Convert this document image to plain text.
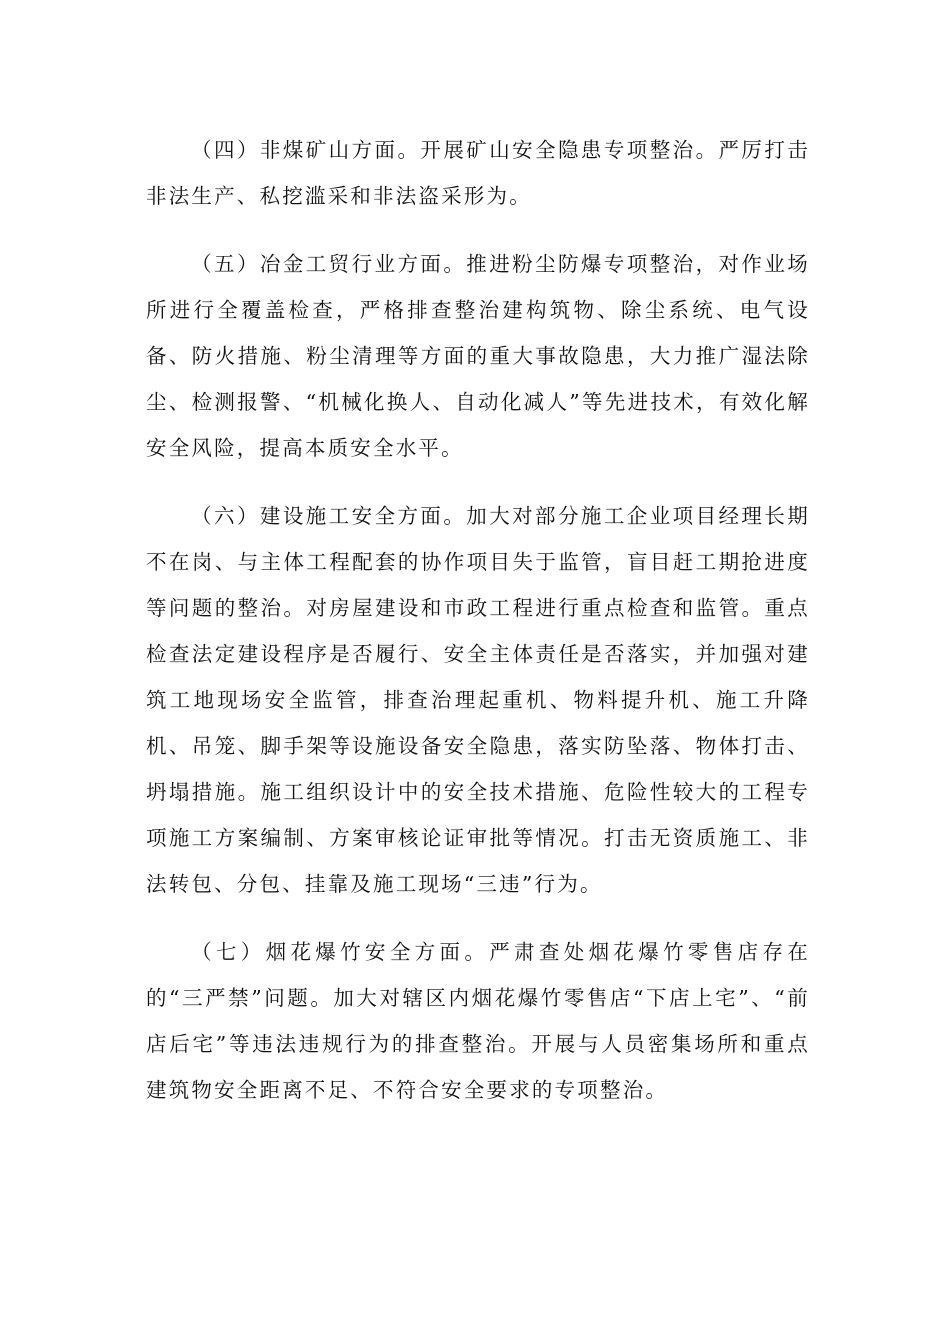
（四）非煤矿山方面。开展矿山安全隐患专项整治。严厉打击非法生产、私挖滥采和非法盗采形为。

（五）冶金工贸行业方面。推进粉尘防爆专项整治，对作业场所进行全覆盖检查，严格排查整治建构筑物、除尘系统、电气设备、防火措施、粉尘清理等方面的重大事故隐患，大力推广湿法除尘、检测报警、“机械化换人、自动化减人”等先进技术，有效化解安全风险，提高本质安全水平。

（六）建设施工安全方面。加大对部分施工企业项目经理长期不在岗、与主体工程配套的协作项目失于监管，盲目赶工期抢进度等问题的整治。对房屋建设和市政工程进行重点检查和监管。重点检查法定建设程序是否履行、安全主体责任是否落实，并加强对建筑工地现场安全监管，排查治理起重机、物料提升机、施工升降机、吊笼、脚手架等设施设备安全隐患，落实防坠落、物体打击、坍塌措施。施工组织设计中的安全技术措施、危险性较大的工程专项施工方案编制、方案审核论证审批等情况。打击无资质施工、非法转包、分包、挂靠及施工现场“三违”行为。

（七）烟花爆竹安全方面。严肃查处烟花爆竹零售店存在的“三严禁”问题。加大对辖区内烟花爆竹零售店“下店上宅”、“前店后宅”等违法违规行为的排查整治。开展与人员密集场所和重点建筑物安全距离不足、不符合安全要求的专项整治。
